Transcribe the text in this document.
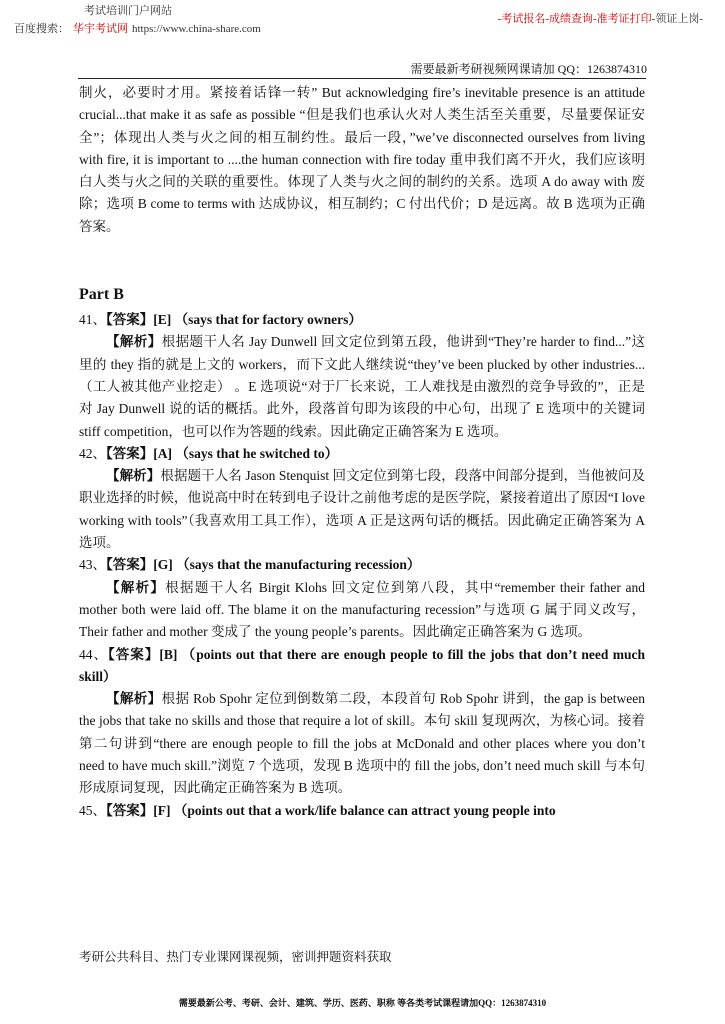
考试培训门户网站
百度搜索： 华宇考试网 https://www.china-share.com
-考试报名-成绩查询-准考证打印-领证上岗-
需要最新考研视频网课请加 QQ：1263874310

制火，必要时才用。紧接着话锋一转” But acknowledging fire’s inevitable presence is an attitude crucial...that make it as safe as possible “但是我们也承认火对人类生活至关重要，尽量要保证安全”；体现出人类与火之间的相互制约性。最后一段，”we’ve disconnected ourselves from living with fire, it is important to ....the human connection with fire today 重申我们离不开火，我们应该明白人类与火之间的关联的重要性。体现了人类与火之间的制约的关系。选项 A do away with 废除；选项 B come to terms with 达成协议，相互制约；C 付出代价；D 是远离。故 B 选项为正确答案。

Part B

41、【答案】[E] （says that for factory owners）

【解析】根据题干人名 Jay Dunwell 回文定位到第五段，他讲到“They’re harder to find...”这里的 they 指的就是上文的 workers，而下文此人继续说“they’ve been plucked by other industries...（工人被其他产业挖走） 。E 选项说“对于厂长来说，工人难找是由激烈的竞争导致的”，正是对 Jay Dunwell 说的话的概括。此外，段落首句即为该段的中心句，出现了 E 选项中的关键词 stiff competition，也可以作为答题的线索。因此确定正确答案为 E 选项。

42、【答案】[A] （says that he switched to）

【解析】根据题干人名 Jason Stenquist 回文定位到第七段，段落中间部分提到，当他被问及职业选择的时候，他说高中时在转到电子设计之前他考虑的是医学院，紧接着道出了原因“I love working with tools”（我喜欢用工具工作），选项 A 正是这两句话的概括。因此确定正确答案为 A 选项。

43、【答案】[G] （says that the manufacturing recession）

【解析】根据题干人名 Birgit Klohs 回文定位到第八段，其中“remember their father and mother both were laid off. The blame it on the manufacturing recession”与选项 G 属于同义改写，Their father and mother 变成了 the young people’s parents。因此确定正确答案为 G 选项。

44、【答案】[B] （points out that there are enough people to fill the jobs that don’t need much skill）

【解析】根据 Rob Spohr 定位到倒数第二段，本段首句 Rob Spohr 讲到，the gap is between the jobs that take no skills and those that require a lot of skill。本句 skill 复现两次，为核心词。接着第二句讲到“there are enough people to fill the jobs at McDonald and other places where you don’t need to have much skill.”浏览 7 个选项，发现 B 选项中的 fill the jobs, don’t need much skill 与本句形成原词复现，因此确定正确答案为 B 选项。

45、【答案】[F] （points out that a work/life balance can attract young people into

考研公共科目、热门专业课网课视频，密训押题资料获取
需要最新公考、考研、会计、建筑、学历、医药、职称 等各类考试课程请加QQ：1263874310
